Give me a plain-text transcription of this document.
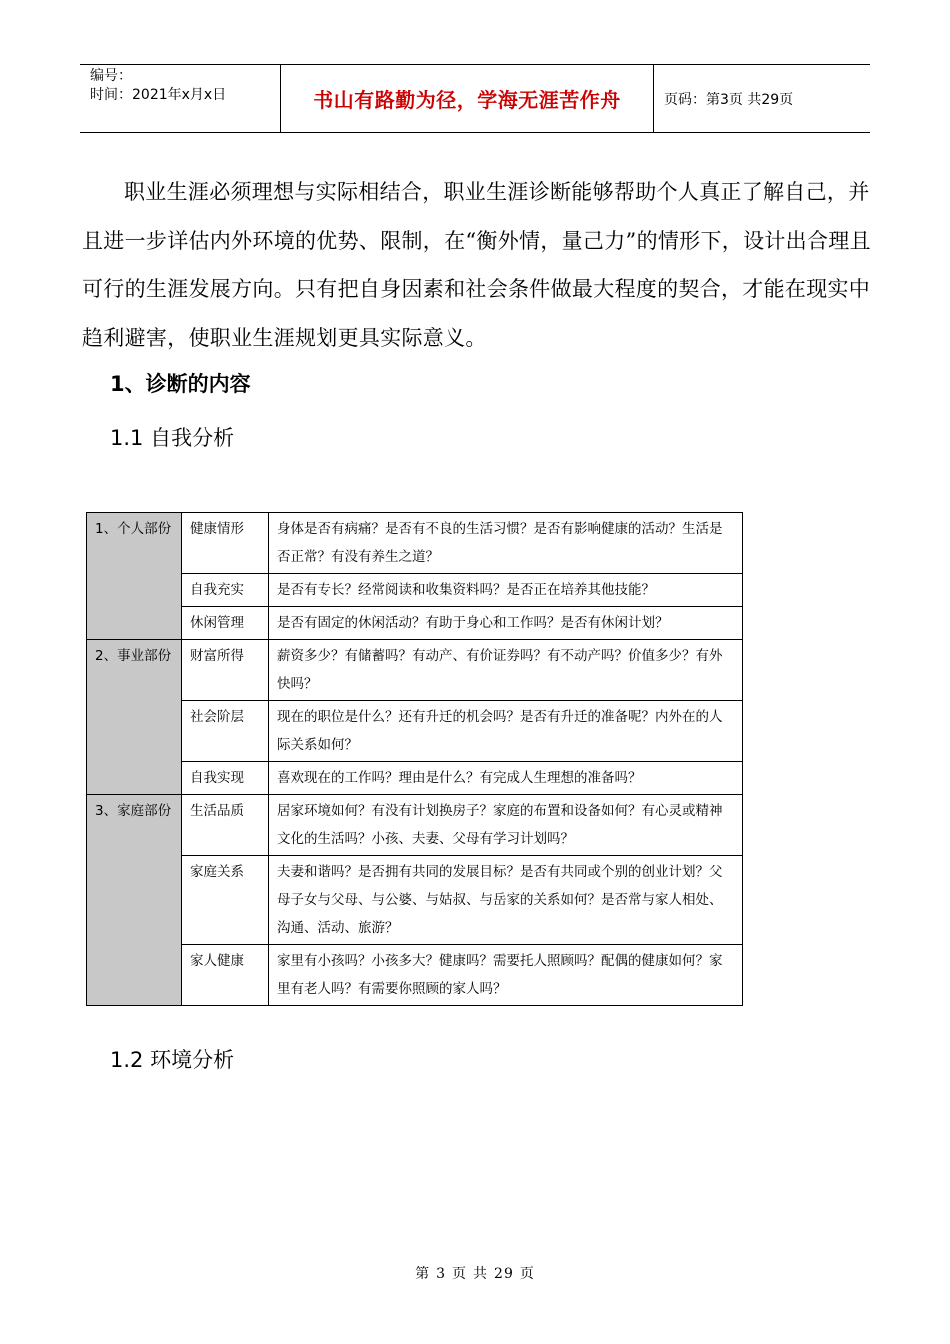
编号：
时间：2021年x月x日	书山有路勤为径，学海无涯苦作舟	页码：第3页 共29页

职业生涯必须理想与实际相结合，职业生涯诊断能够帮助个人真正了解自己，并且进一步详估内外环境的优势、限制，在“衡外情，量己力”的情形下，设计出合理且可行的生涯发展方向。只有把自身因素和社会条件做最大程度的契合，才能在现实中趋利避害，使职业生涯规划更具实际意义。

1、诊断的内容
1.1 自我分析
1、个人部份	健康情形	身体是否有病痛？是否有不良的生活习惯？是否有影响健康的活动？生活是否正常？有没有养生之道？
	自我充实	是否有专长？经常阅读和收集资料吗？是否正在培养其他技能？
	休闲管理	是否有固定的休闲活动？有助于身心和工作吗？是否有休闲计划？
2、事业部份	财富所得	薪资多少？有储蓄吗？有动产、有价证券吗？有不动产吗？价值多少？有外快吗？
	社会阶层	现在的职位是什么？还有升迁的机会吗？是否有升迁的准备呢？内外在的人际关系如何？
	自我实现	喜欢现在的工作吗？理由是什么？有完成人生理想的准备吗？
3、家庭部份	生活品质	居家环境如何？有没有计划换房子？家庭的布置和设备如何？有心灵或精神文化的生活吗？小孩、夫妻、父母有学习计划吗？
	家庭关系	夫妻和谐吗？是否拥有共同的发展目标？是否有共同或个别的创业计划？父母子女与父母、与公婆、与姑叔、与岳家的关系如何？是否常与家人相处、沟通、活动、旅游？
	家人健康	家里有小孩吗？小孩多大？健康吗？需要托人照顾吗？配偶的健康如何？家里有老人吗？有需要你照顾的家人吗？
1.2 环境分析
第 3 页 共 29 页
